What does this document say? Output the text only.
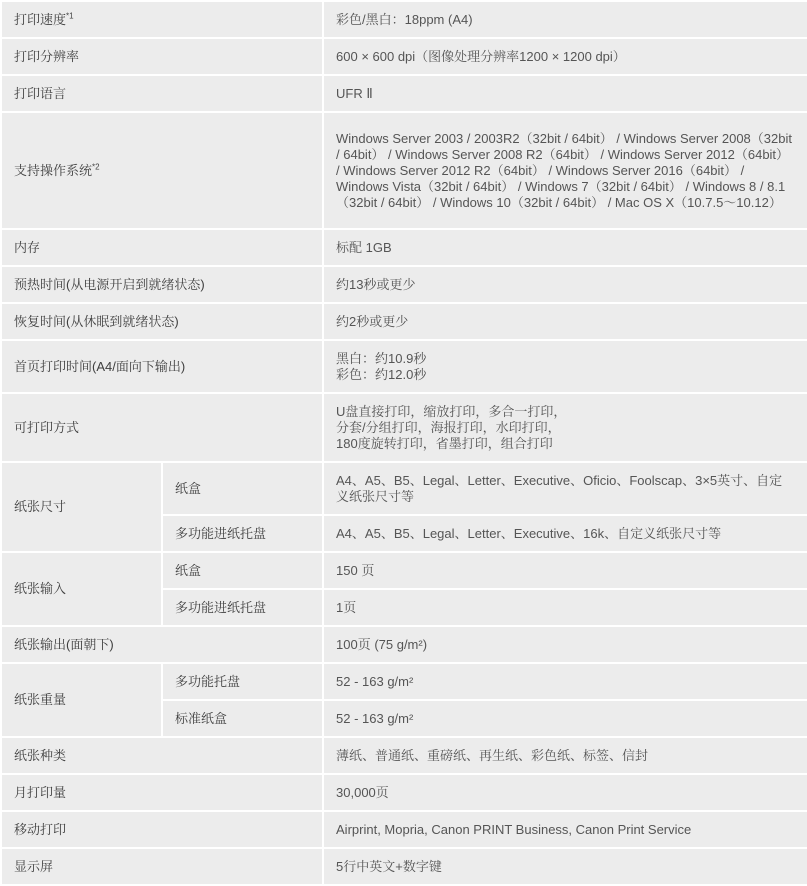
打印速度$^{*1}$		彩色/黑白：18ppm (A4)
打印分辨率		600 × 600 dpi（图像处理分辨率1200 × 1200 dpi）
打印语言		UFR Ⅱ
支持操作系统$^{*2}$		Windows Server 2003 / 2003R2（32bit / 64bit） / Windows Server 2008（32bit / 64bit） / Windows Server 2008 R2（64bit） / Windows Server 2012（64bit） / Windows Server 2012 R2（64bit） / Windows Server 2016（64bit） / Windows Vista（32bit / 64bit） / Windows 7（32bit / 64bit） / Windows 8 / 8.1（32bit / 64bit） / Windows 10（32bit / 64bit） / Mac OS X（10.7.5～10.12）
内存		标配 1GB
预热时间(从电源开启到就绪状态)		约13秒或更少
恢复时间(从休眠到就绪状态)		约2秒或更少
首页打印时间(A4/面向下输出)		黑白：约10.9秒
彩色：约12.0秒
可打印方式		U盘直接打印，缩放打印，多合一打印，
分套/分组打印，海报打印，水印打印，
180度旋转打印，省墨打印，组合打印
纸张尺寸	纸盒	A4、A5、B5、Legal、Letter、Executive、Oficio、Foolscap、3×5英寸、自定义纸张尺寸等
	多功能进纸托盘	A4、A5、B5、Legal、Letter、Executive、16k、自定义纸张尺寸等
纸张输入	纸盒	150 页
	多功能进纸托盘	1页
纸张输出(面朝下)		100页 (75 g/m²)
纸张重量	多功能托盘	52 - 163 g/m²
	标准纸盒	52 - 163 g/m²
纸张种类		薄纸、普通纸、重磅纸、再生纸、彩色纸、标签、信封
月打印量		30,000页
移动打印		Airprint, Mopria, Canon PRINT Business, Canon Print Service
显示屏		5行中英文+数字键
